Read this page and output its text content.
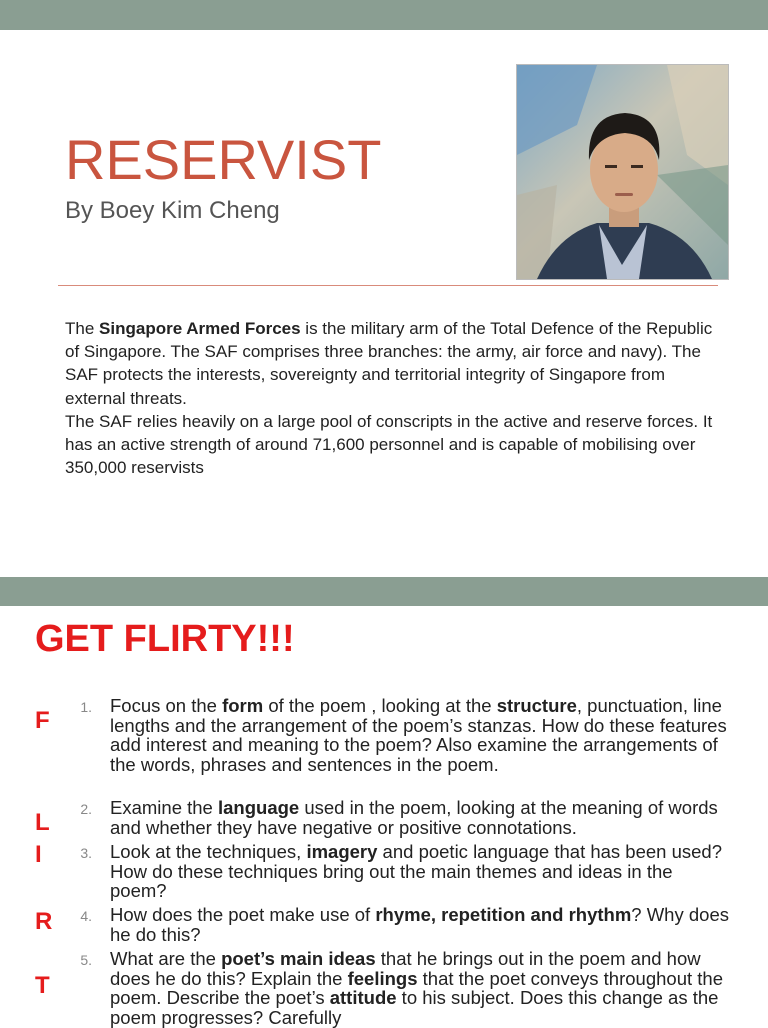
RESERVIST
By Boey Kim Cheng
The Singapore Armed Forces is the military arm of the Total Defence of the Republic of Singapore. The SAF comprises three branches: the army, air force and navy). The SAF protects the interests, sovereignty and territorial integrity of Singapore from external threats.
The SAF relies heavily on a large pool of conscripts in the active and reserve forces. It has an active strength of around 71,600 personnel and is capable of mobilising over 350,000 reservists
GET FLIRTY!!!
F
L
I
R
T
1. Focus on the form of the poem , looking at the structure, punctuation, line lengths and the arrangement of the poem’s stanzas. How do these features add interest and meaning to the poem? Also examine the arrangements of the words, phrases and sentences in the poem.
2. Examine the language used in the poem, looking at the meaning of words and whether they have negative or positive connotations.
3. Look at the techniques, imagery and poetic language that has been used? How do these techniques bring out the main themes and ideas in the poem?
4. How does the poet make use of rhyme, repetition and rhythm? Why does he do this?
5. What are the poet’s main ideas that he brings out in the poem and how does he do this? Explain the feelings that the poet conveys throughout the poem. Describe the poet’s attitude to his subject. Does this change as the poem progresses? Carefully
